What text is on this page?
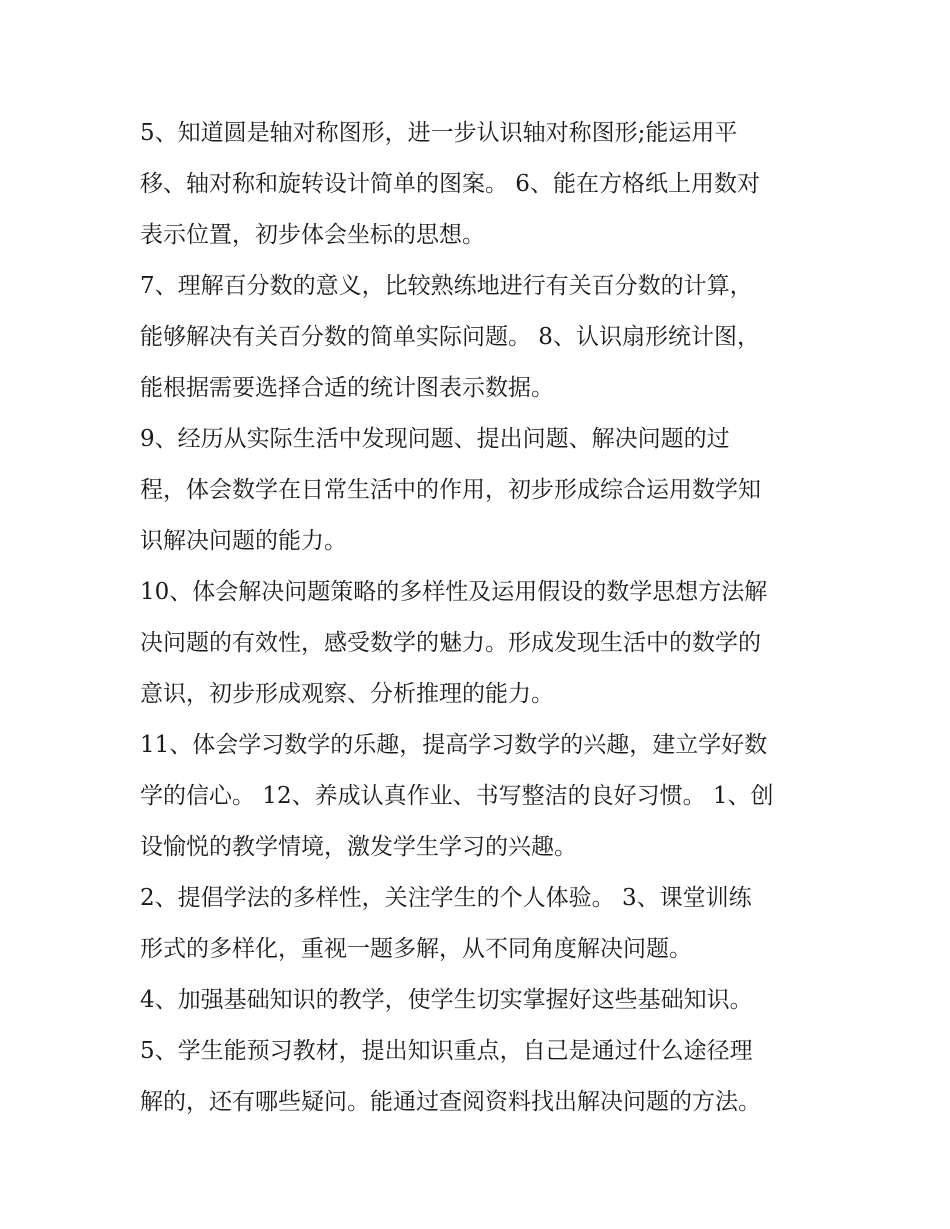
5、知道圆是轴对称图形，进一步认识轴对称图形;能运用平
移、轴对称和旋转设计简单的图案。 6、能在方格纸上用数对
表示位置，初步体会坐标的思想。
7、理解百分数的意义，比较熟练地进行有关百分数的计算，
能够解决有关百分数的简单实际问题。 8、认识扇形统计图，
能根据需要选择合适的统计图表示数据。
9、经历从实际生活中发现问题、提出问题、解决问题的过
程，体会数学在日常生活中的作用，初步形成综合运用数学知
识解决问题的能力。
10、体会解决问题策略的多样性及运用假设的数学思想方法解
决问题的有效性，感受数学的魅力。形成发现生活中的数学的
意识，初步形成观察、分析推理的能力。
11、体会学习数学的乐趣，提高学习数学的兴趣，建立学好数
学的信心。 12、养成认真作业、书写整洁的良好习惯。 1、创
设愉悦的教学情境，激发学生学习的兴趣。
2、提倡学法的多样性，关注学生的个人体验。 3、课堂训练
形式的多样化，重视一题多解，从不同角度解决问题。
4、加强基础知识的教学，使学生切实掌握好这些基础知识。
5、学生能预习教材，提出知识重点，自己是通过什么途径理
解的，还有哪些疑问。能通过查阅资料找出解决问题的方法。
